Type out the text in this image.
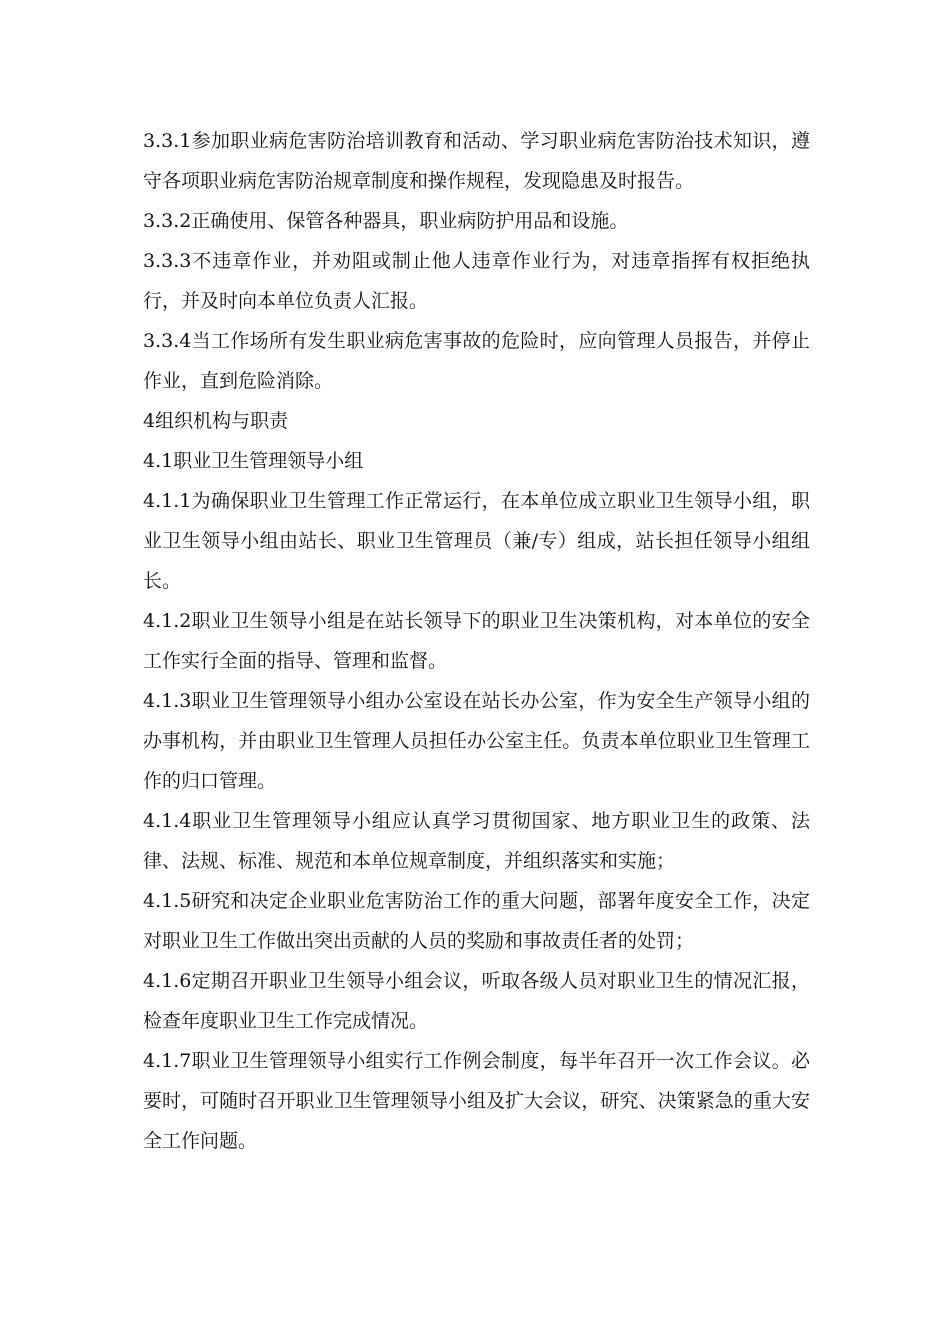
3.3.1参加职业病危害防治培训教育和活动、学习职业病危害防治技术知识，遵守各项职业病危害防治规章制度和操作规程，发现隐患及时报告。

3.3.2正确使用、保管各种器具，职业病防护用品和设施。

3.3.3不违章作业，并劝阻或制止他人违章作业行为，对违章指挥有权拒绝执行，并及时向本单位负责人汇报。

3.3.4当工作场所有发生职业病危害事故的危险时，应向管理人员报告，并停止作业，直到危险消除。

4组织机构与职责

4.1职业卫生管理领导小组

4.1.1为确保职业卫生管理工作正常运行，在本单位成立职业卫生领导小组，职业卫生领导小组由站长、职业卫生管理员（兼/专）组成，站长担任领导小组组长。

4.1.2职业卫生领导小组是在站长领导下的职业卫生决策机构，对本单位的安全工作实行全面的指导、管理和监督。

4.1.3职业卫生管理领导小组办公室设在站长办公室，作为安全生产领导小组的办事机构，并由职业卫生管理人员担任办公室主任。负责本单位职业卫生管理工作的归口管理。

4.1.4职业卫生管理领导小组应认真学习贯彻国家、地方职业卫生的政策、法律、法规、标准、规范和本单位规章制度，并组织落实和实施；

4.1.5研究和决定企业职业危害防治工作的重大问题，部署年度安全工作，决定对职业卫生工作做出突出贡献的人员的奖励和事故责任者的处罚；

4.1.6定期召开职业卫生领导小组会议，听取各级人员对职业卫生的情况汇报，检查年度职业卫生工作完成情况。

4.1.7职业卫生管理领导小组实行工作例会制度，每半年召开一次工作会议。必要时，可随时召开职业卫生管理领导小组及扩大会议，研究、决策紧急的重大安全工作问题。
